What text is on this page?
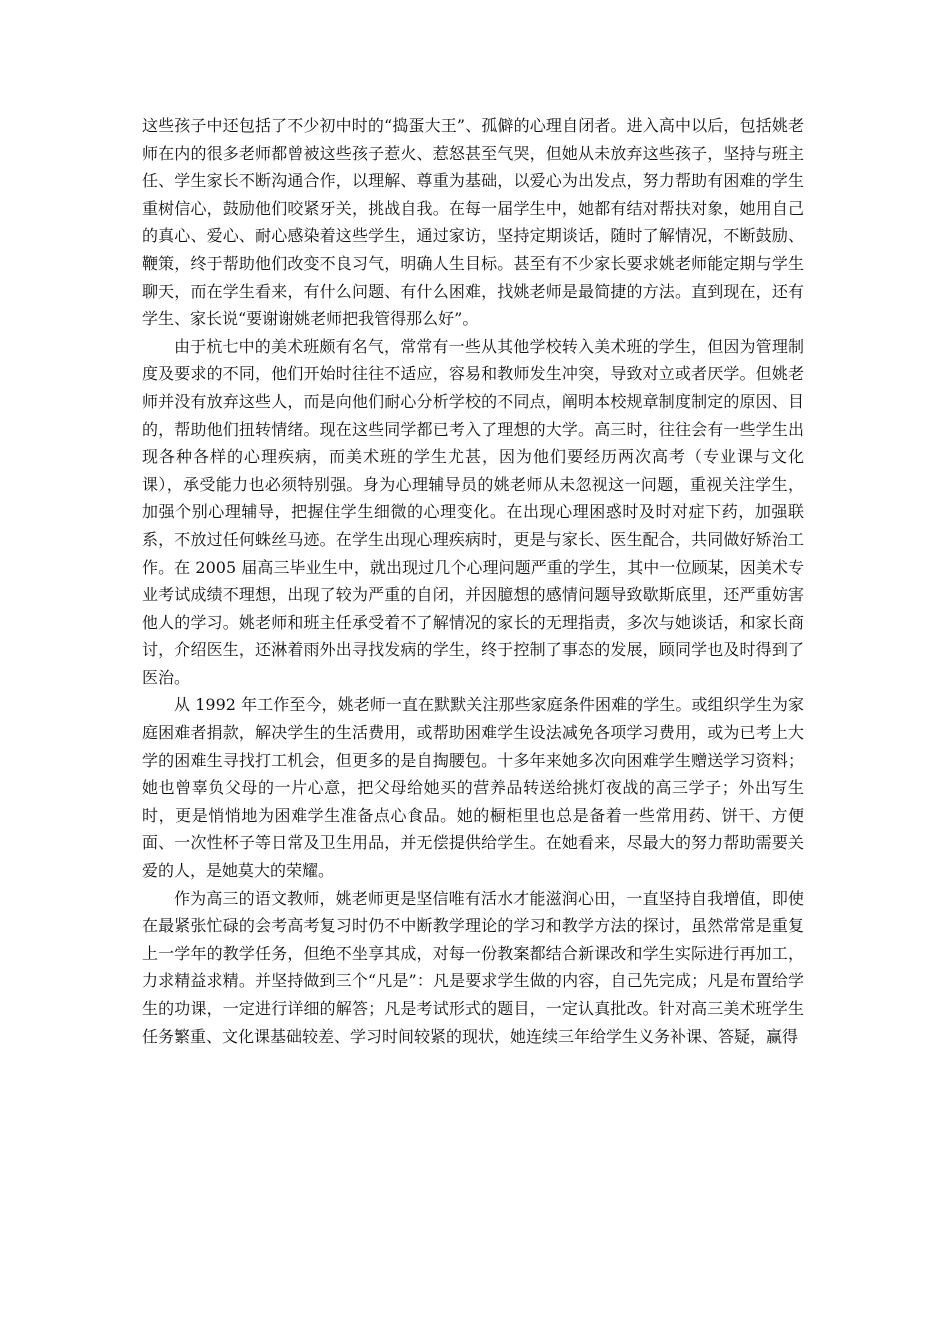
这些孩子中还包括了不少初中时的“捣蛋大王”、孤僻的心理自闭者。进入高中以后，包括姚老师在内的很多老师都曾被这些孩子惹火、惹怒甚至气哭，但她从未放弃这些孩子，坚持与班主任、学生家长不断沟通合作，以理解、尊重为基础，以爱心为出发点，努力帮助有困难的学生重树信心，鼓励他们咬紧牙关，挑战自我。在每一届学生中，她都有结对帮扶对象，她用自己的真心、爱心、耐心感染着这些学生，通过家访，坚持定期谈话，随时了解情况，不断鼓励、鞭策，终于帮助他们改变不良习气，明确人生目标。甚至有不少家长要求姚老师能定期与学生聊天，而在学生看来，有什么问题、有什么困难，找姚老师是最简捷的方法。直到现在，还有学生、家长说“要谢谢姚老师把我管得那么好”。

由于杭七中的美术班颇有名气，常常有一些从其他学校转入美术班的学生，但因为管理制度及要求的不同，他们开始时往往不适应，容易和教师发生冲突，导致对立或者厌学。但姚老师并没有放弃这些人，而是向他们耐心分析学校的不同点，阐明本校规章制度制定的原因、目的，帮助他们扭转情绪。现在这些同学都已考入了理想的大学。高三时，往往会有一些学生出现各种各样的心理疾病，而美术班的学生尤甚，因为他们要经历两次高考（专业课与文化课），承受能力也必须特别强。身为心理辅导员的姚老师从未忽视这一问题，重视关注学生，加强个别心理辅导，把握住学生细微的心理变化。在出现心理困惑时及时对症下药，加强联系，不放过任何蛛丝马迹。在学生出现心理疾病时，更是与家长、医生配合，共同做好矫治工作。在 2005 届高三毕业生中，就出现过几个心理问题严重的学生，其中一位顾某，因美术专业考试成绩不理想，出现了较为严重的自闭，并因臆想的感情问题导致歇斯底里，还严重妨害他人的学习。姚老师和班主任承受着不了解情况的家长的无理指责，多次与她谈话，和家长商讨，介绍医生，还淋着雨外出寻找发病的学生，终于控制了事态的发展，顾同学也及时得到了医治。

从 1992 年工作至今，姚老师一直在默默关注那些家庭条件困难的学生。或组织学生为家庭困难者捐款，解决学生的生活费用，或帮助困难学生设法减免各项学习费用，或为已考上大学的困难生寻找打工机会，但更多的是自掏腰包。十多年来她多次向困难学生赠送学习资料；她也曾辜负父母的一片心意，把父母给她买的营养品转送给挑灯夜战的高三学子；外出写生时，更是悄悄地为困难学生准备点心食品。她的橱柜里也总是备着一些常用药、饼干、方便面、一次性杯子等日常及卫生用品，并无偿提供给学生。在她看来，尽最大的努力帮助需要关爱的人，是她莫大的荣耀。

作为高三的语文教师，姚老师更是坚信唯有活水才能滋润心田，一直坚持自我增值，即使在最紧张忙碌的会考高考复习时仍不中断教学理论的学习和教学方法的探讨，虽然常常是重复上一学年的教学任务，但绝不坐享其成，对每一份教案都结合新课改和学生实际进行再加工，力求精益求精。并坚持做到三个“凡是”：凡是要求学生做的内容，自己先完成；凡是布置给学生的功课，一定进行详细的解答；凡是考试形式的题目，一定认真批改。针对高三美术班学生任务繁重、文化课基础较差、学习时间较紧的现状，她连续三年给学生义务补课、答疑，赢得
